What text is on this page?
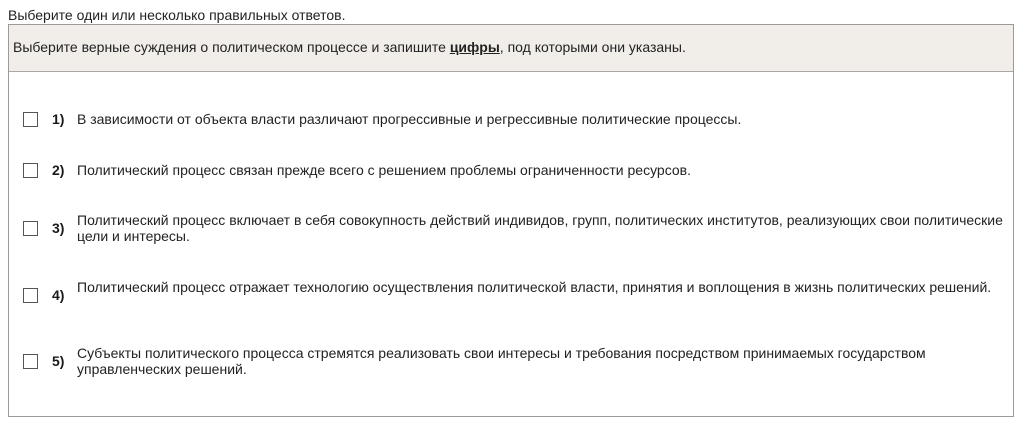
Выберите один или несколько правильных ответов.
Выберите верные суждения о политическом процессе и запишите цифры, под которыми они указаны.
1) В зависимости от объекта власти различают прогрессивные и регрессивные политические процессы.
2) Политический процесс связан прежде всего с решением проблемы ограниченности ресурсов.
3) Политический процесс включает в себя совокупность действий индивидов, групп, политических институтов, реализующих свои политические цели и интересы.
4) Политический процесс отражает технологию осуществления политической власти, принятия и воплощения в жизнь политических решений.
5) Субъекты политического процесса стремятся реализовать свои интересы и требования посредством принимаемых государством управленческих решений.
